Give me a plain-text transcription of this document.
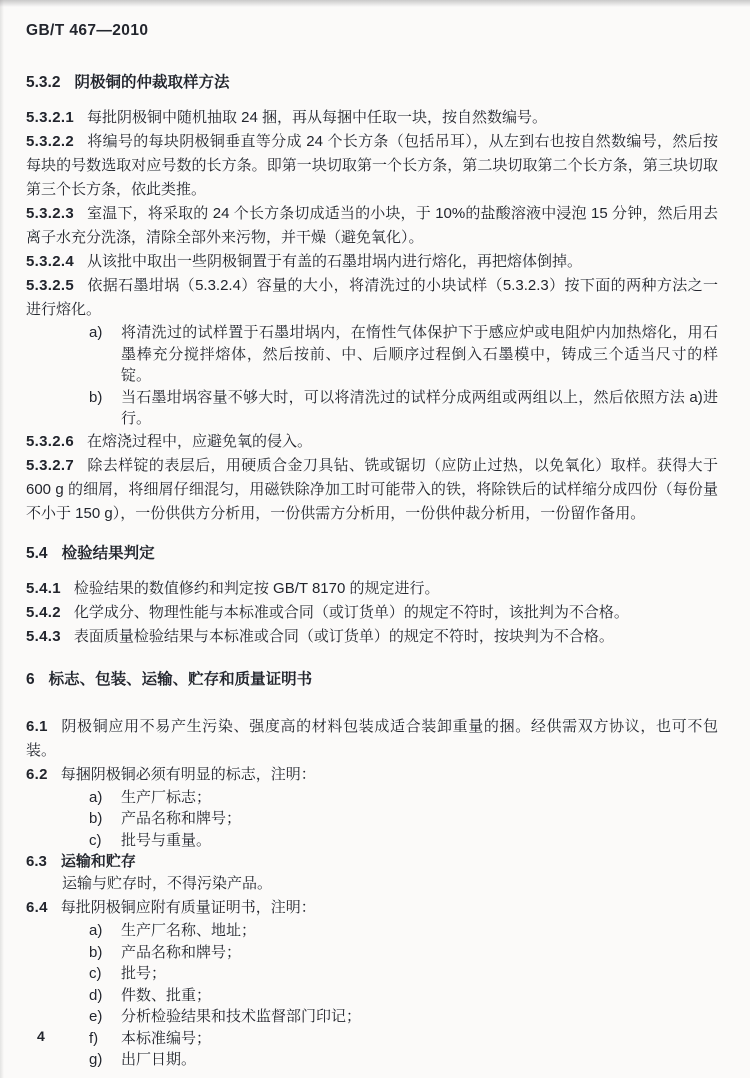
GB/T 467—2010
5.3.2 阴极铜的仲裁取样方法

5.3.2.1 每批阴极铜中随机抽取 24 捆，再从每捆中任取一块，按自然数编号。

5.3.2.2 将编号的每块阴极铜垂直等分成 24 个长方条（包括吊耳），从左到右也按自然数编号，然后按每块的号数选取对应号数的长方条。即第一块切取第一个长方条，第二块切取第二个长方条，第三块切取第三个长方条，依此类推。

5.3.2.3 室温下，将采取的 24 个长方条切成适当的小块，于 10%的盐酸溶液中浸泡 15 分钟，然后用去离子水充分洗涤，清除全部外来污物，并干燥（避免氧化）。

5.3.2.4 从该批中取出一些阴极铜置于有盖的石墨坩埚内进行熔化，再把熔体倒掉。

5.3.2.5 依据石墨坩埚（5.3.2.4）容量的大小，将清洗过的小块试样（5.3.2.3）按下面的两种方法之一进行熔化。

a) 将清洗过的试样置于石墨坩埚内，在惰性气体保护下于感应炉或电阻炉内加热熔化，用石墨棒充分搅拌熔体，然后按前、中、后顺序过程倒入石墨模中，铸成三个适当尺寸的样锭。
b) 当石墨坩埚容量不够大时，可以将清洗过的试样分成两组或两组以上，然后依照方法 a)进行。

5.3.2.6 在熔浇过程中，应避免氧的侵入。

5.3.2.7 除去样锭的表层后，用硬质合金刀具钻、铣或锯切（应防止过热，以免氧化）取样。获得大于 600 g 的细屑，将细屑仔细混匀，用磁铁除净加工时可能带入的铁，将除铁后的试样缩分成四份（每份量不小于 150 g），一份供供方分析用，一份供需方分析用，一份供仲裁分析用，一份留作备用。

5.4 检验结果判定

5.4.1 检验结果的数值修约和判定按 GB/T 8170 的规定进行。

5.4.2 化学成分、物理性能与本标准或合同（或订货单）的规定不符时，该批判为不合格。

5.4.3 表面质量检验结果与本标准或合同（或订货单）的规定不符时，按块判为不合格。

6 标志、包装、运输、贮存和质量证明书

6.1 阴极铜应用不易产生污染、强度高的材料包装成适合装卸重量的捆。经供需双方协议，也可不包装。

6.2 每捆阴极铜必须有明显的标志，注明：

a) 生产厂标志；
b) 产品名称和牌号；
c) 批号与重量。
6.3 运输和贮存

运输与贮存时，不得污染产品。

6.4 每批阴极铜应附有质量证明书，注明：

a) 生产厂名称、地址；
b) 产品名称和牌号；
c) 批号；
d) 件数、批重；
e) 分析检验结果和技术监督部门印记；
f) 本标准编号；
g) 出厂日期。
4
